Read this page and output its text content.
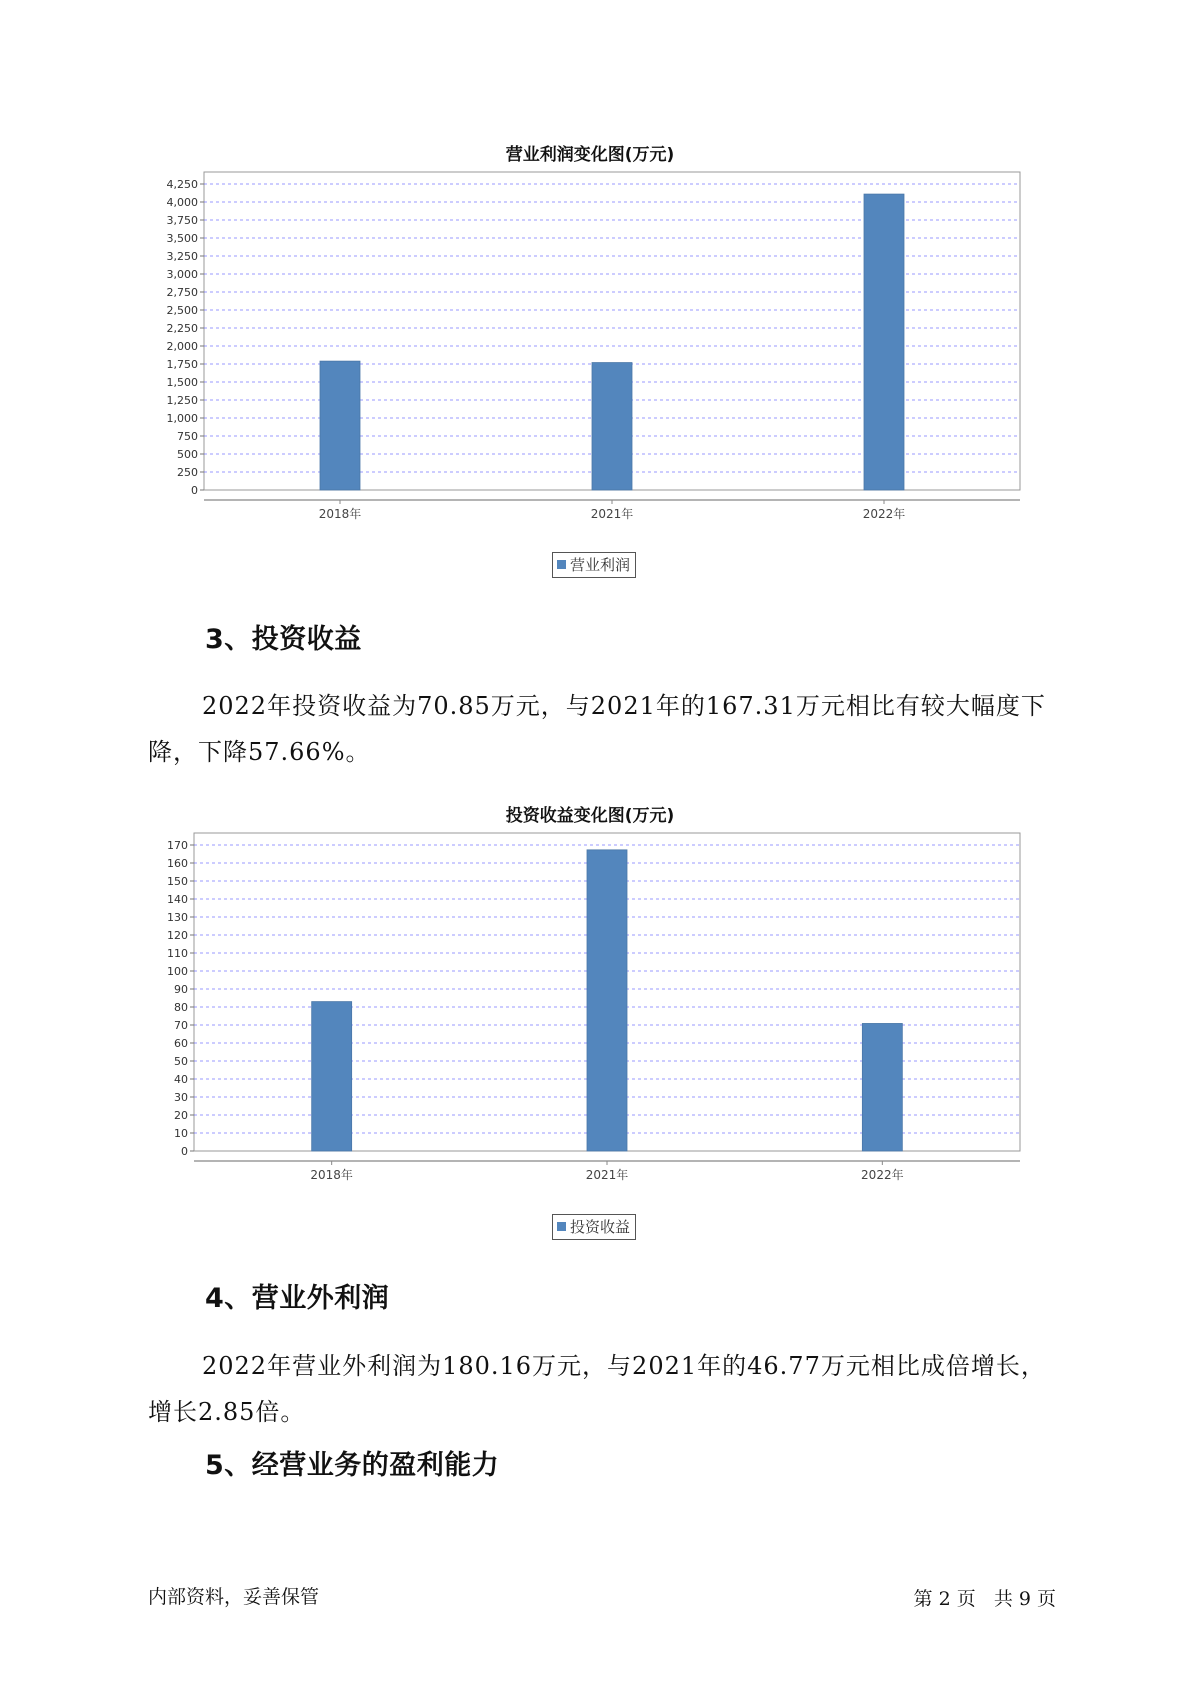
营业利润变化图(万元)
0
250
500
750
1,000
1,250
1,500
1,750
2,000
2,250
2,500
2,750
3,000
3,250
3,500
3,750
4,000
4,250
2018年	2021年	2022年
营业利润
3、投资收益
2022年投资收益为70.85万元，与2021年的167.31万元相比有较大幅度下降，下降57.66%。
投资收益变化图(万元)
0
10
20
30
40
50
60
70
80
90
100
110
120
130
140
150
160
170
2018年	2021年	2022年
投资收益
4、营业外利润
2022年营业外利润为180.16万元，与2021年的46.77万元相比成倍增长，增长2.85倍。
5、经营业务的盈利能力
内部资料，妥善保管	第 2 页   共 9 页
